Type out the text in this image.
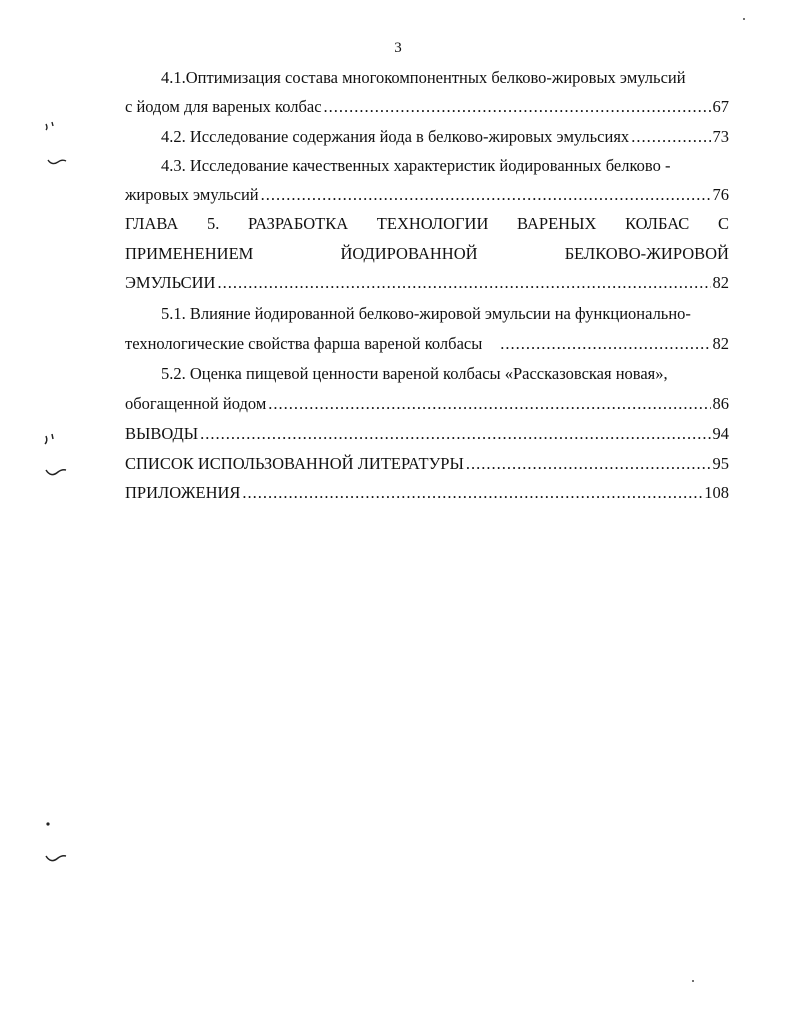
3
4.1.Оптимизация состава многокомпонентных белково-жировых эмульсий
с йодом для вареных колбас .....	67
4.2. Исследование содержания йода в белково-жировых эмульсиях .....	73
4.3. Исследование качественных характеристик йодированных белково -
жировых эмульсий .....	76
ГЛАВА 5. РАЗРАБОТКА ТЕХНОЛОГИИ ВАРЕНЫХ КОЛБАС С
ПРИМЕНЕНИЕМ	ЙОДИРОВАННОЙ	БЕЛКОВО-ЖИРОВОЙ
ЭМУЛЬСИИ .....	82
5.1. Влияние йодированной белково-жировой эмульсии на функционально-
технологические свойства фарша вареной колбасы .....	82
5.2. Оценка пищевой ценности вареной колбасы «Рассказовская новая»,
обогащенной йодом .....	86
ВЫВОДЫ .....	94
СПИСОК ИСПОЛЬЗОВАННОЙ ЛИТЕРАТУРЫ .....	95
ПРИЛОЖЕНИЯ .....	108
